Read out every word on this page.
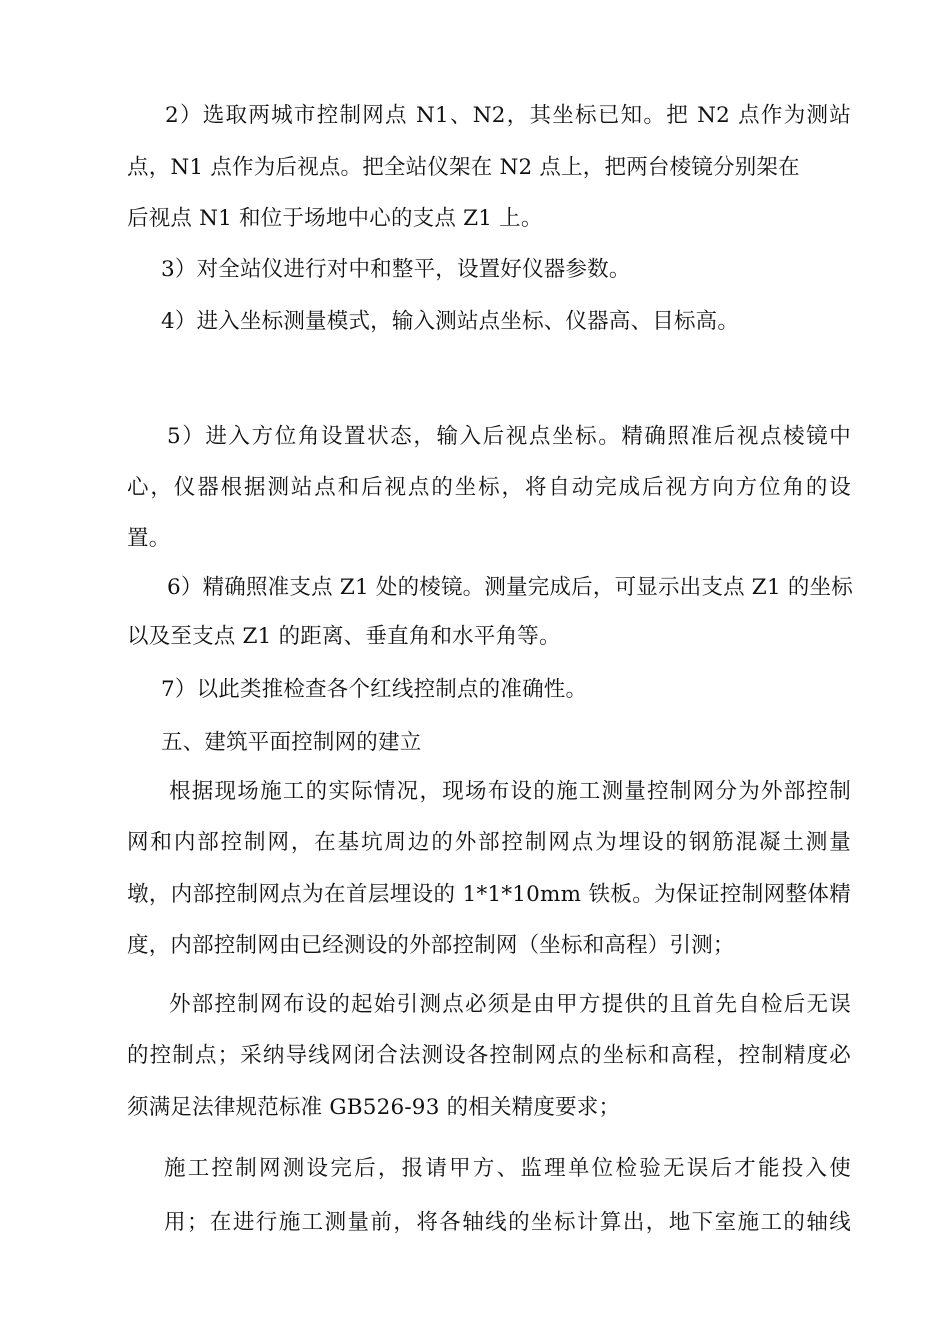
2）选取两城市控制网点 N1、N2，其坐标已知。把 N2 点作为测站
点，N1 点作为后视点。把全站仪架在 N2 点上，把两台棱镜分别架在
后视点 N1 和位于场地中心的支点 Z1 上。
3）对全站仪进行对中和整平，设置好仪器参数。
4）进入坐标测量模式，输入测站点坐标、仪器高、目标高。
5）进入方位角设置状态，输入后视点坐标。精确照准后视点棱镜中
心，仪器根据测站点和后视点的坐标，将自动完成后视方向方位角的设
置。
6）精确照准支点 Z1 处的棱镜。测量完成后，可显示出支点 Z1 的坐标
以及至支点 Z1 的距离、垂直角和水平角等。
7）以此类推检查各个红线控制点的准确性。
五、建筑平面控制网的建立
根据现场施工的实际情况，现场布设的施工测量控制网分为外部控制
网和内部控制网，在基坑周边的外部控制网点为埋设的钢筋混凝土测量
墩，内部控制网点为在首层埋设的 1*1*10mm 铁板。为保证控制网整体精
度，内部控制网由已经测设的外部控制网（坐标和高程）引测；
外部控制网布设的起始引测点必须是由甲方提供的且首先自检后无误
的控制点；采纳导线网闭合法测设各控制网点的坐标和高程，控制精度必
须满足法律规范标准 GB526-93 的相关精度要求；
施工控制网测设完后，报请甲方、监理单位检验无误后才能投入使
用；在进行施工测量前，将各轴线的坐标计算出，地下室施工的轴线
